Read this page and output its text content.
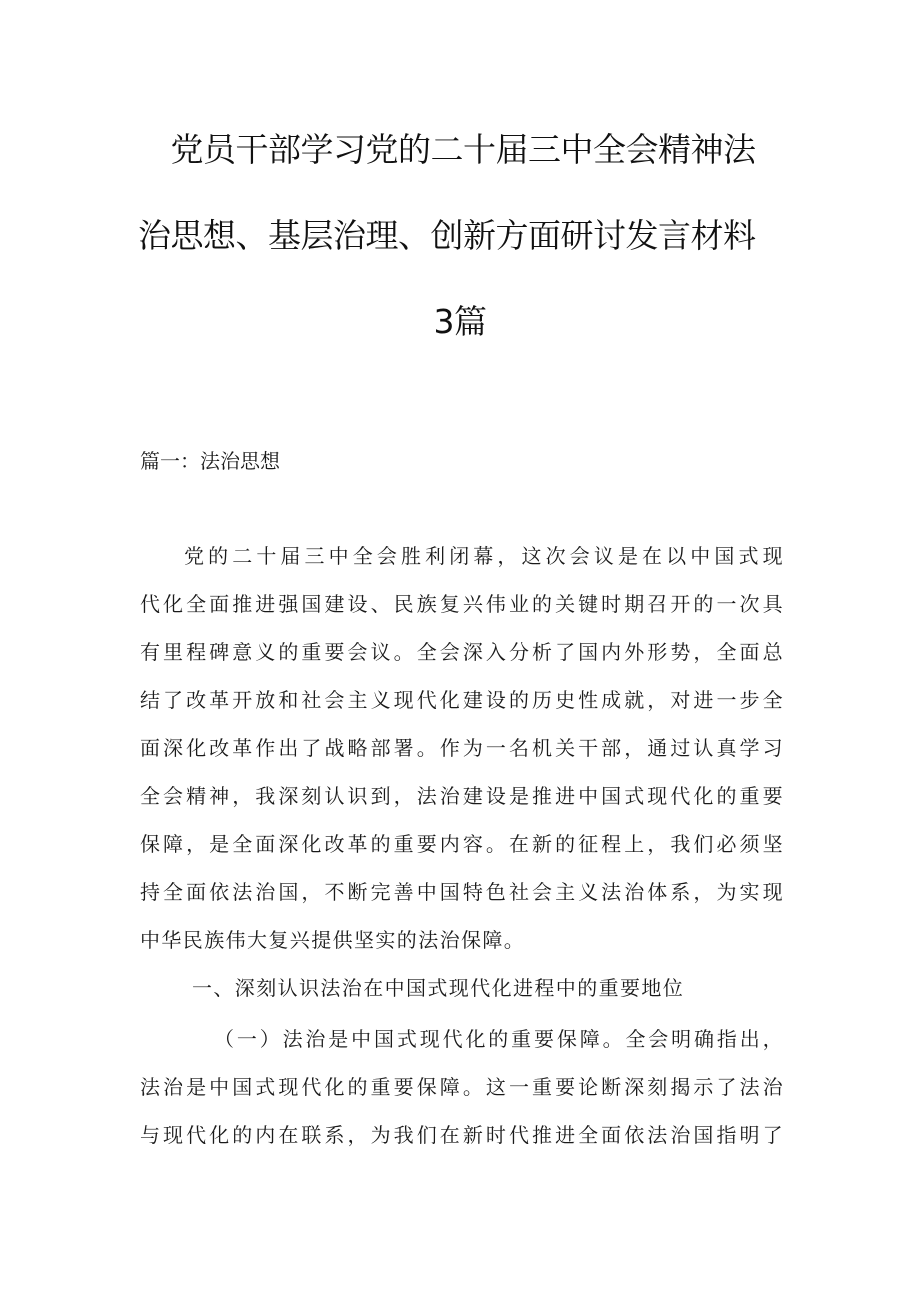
党员干部学习党的二十届三中全会精神法
治思想、基层治理、创新方面研讨发言材料
3篇
篇一：法治思想
党的二十届三中全会胜利闭幕，这次会议是在以中国式现
代化全面推进强国建设、民族复兴伟业的关键时期召开的一次具
有里程碑意义的重要会议。全会深入分析了国内外形势，全面总
结了改革开放和社会主义现代化建设的历史性成就，对进一步全
面深化改革作出了战略部署。作为一名机关干部，通过认真学习
全会精神，我深刻认识到，法治建设是推进中国式现代化的重要
保障，是全面深化改革的重要内容。在新的征程上，我们必须坚
持全面依法治国，不断完善中国特色社会主义法治体系，为实现
中华民族伟大复兴提供坚实的法治保障。
一、深刻认识法治在中国式现代化进程中的重要地位
（一）法治是中国式现代化的重要保障。全会明确指出，
法治是中国式现代化的重要保障。这一重要论断深刻揭示了法治
与现代化的内在联系，为我们在新时代推进全面依法治国指明了
